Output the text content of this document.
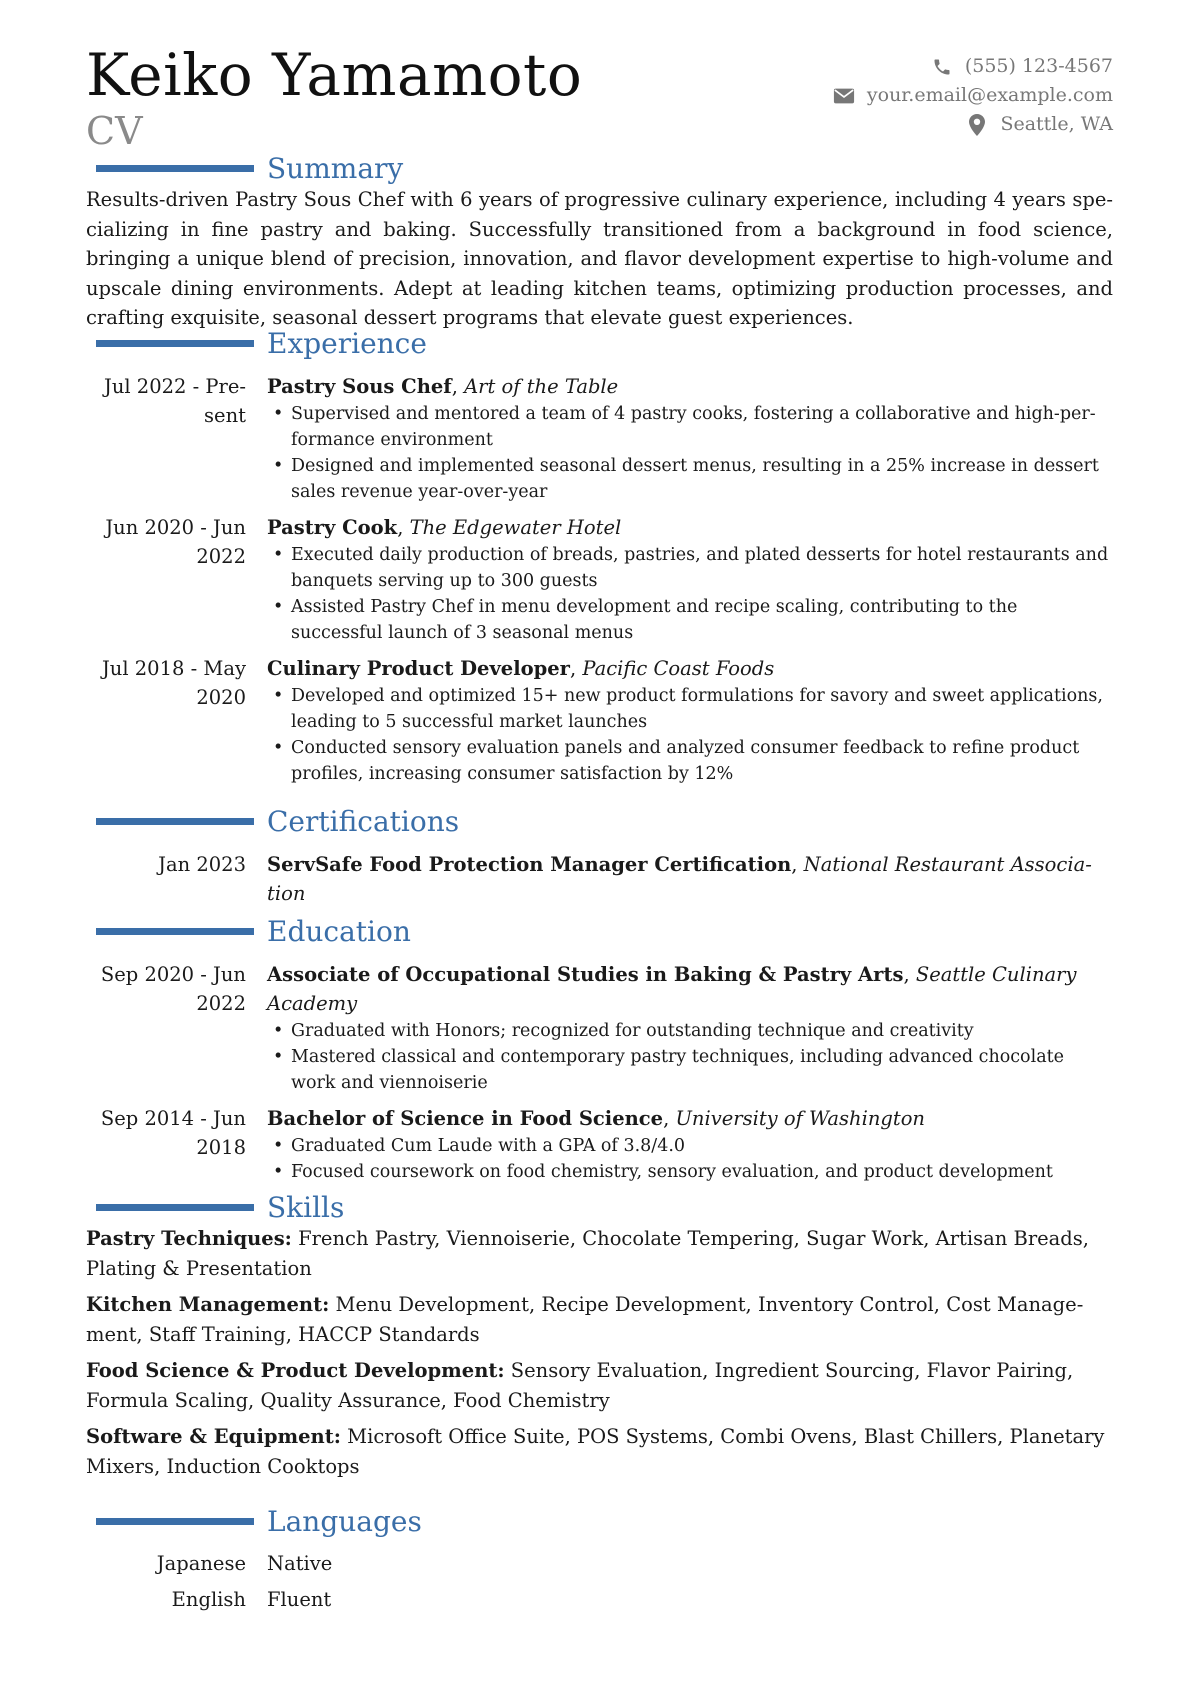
Keiko Yamamoto
CV
(555) 123-4567
your.email@example.com
Seattle, WA
Summary

Results-driven Pastry Sous Chef with 6 years of progressive culinary experience, including 4 years specializing in fine pastry and baking. Successfully transitioned from a background in food science, bringing a unique blend of precision, innovation, and flavor development expertise to high-volume and upscale dining environments. Adept at leading kitchen teams, optimizing production processes, and crafting exquisite, seasonal dessert programs that elevate guest experiences.

Experience
Jul 2022 - Pre-
sent
Pastry Sous Chef, Art of the Table
• Supervised and mentored a team of 4 pastry cooks, fostering a collaborative and high-performance environment
• Designed and implemented seasonal dessert menus, resulting in a 25% increase in dessert sales revenue year-over-year
Jun 2020 - Jun
2022
Pastry Cook, The Edgewater Hotel
• Executed daily production of breads, pastries, and plated desserts for hotel restaurants and banquets serving up to 300 guests
• Assisted Pastry Chef in menu development and recipe scaling, contributing to the successful launch of 3 seasonal menus
Jul 2018 - May
2020
Culinary Product Developer, Pacific Coast Foods
• Developed and optimized 15+ new product formulations for savory and sweet applications, leading to 5 successful market launches
• Conducted sensory evaluation panels and analyzed consumer feedback to refine product profiles, increasing consumer satisfaction by 12%
Certifications
Jan 2023 ServSafe Food Protection Manager Certification, National Restaurant Association
Education
Sep 2020 - Jun
2022
Associate of Occupational Studies in Baking & Pastry Arts, Seattle Culinary Academy
• Graduated with Honors; recognized for outstanding technique and creativity
• Mastered classical and contemporary pastry techniques, including advanced chocolate work and viennoiserie
Sep 2014 - Jun
2018
Bachelor of Science in Food Science, University of Washington
• Graduated Cum Laude with a GPA of 3.8/4.0
• Focused coursework on food chemistry, sensory evaluation, and product development
Skills
Pastry Techniques: French Pastry, Viennoiserie, Chocolate Tempering, Sugar Work, Artisan Breads, Plating & Presentation
Kitchen Management: Menu Development, Recipe Development, Inventory Control, Cost Management, Staff Training, HACCP Standards
Food Science & Product Development: Sensory Evaluation, Ingredient Sourcing, Flavor Pairing, Formula Scaling, Quality Assurance, Food Chemistry
Software & Equipment: Microsoft Office Suite, POS Systems, Combi Ovens, Blast Chillers, Planetary Mixers, Induction Cooktops
Languages
Japanese Native
English Fluent
